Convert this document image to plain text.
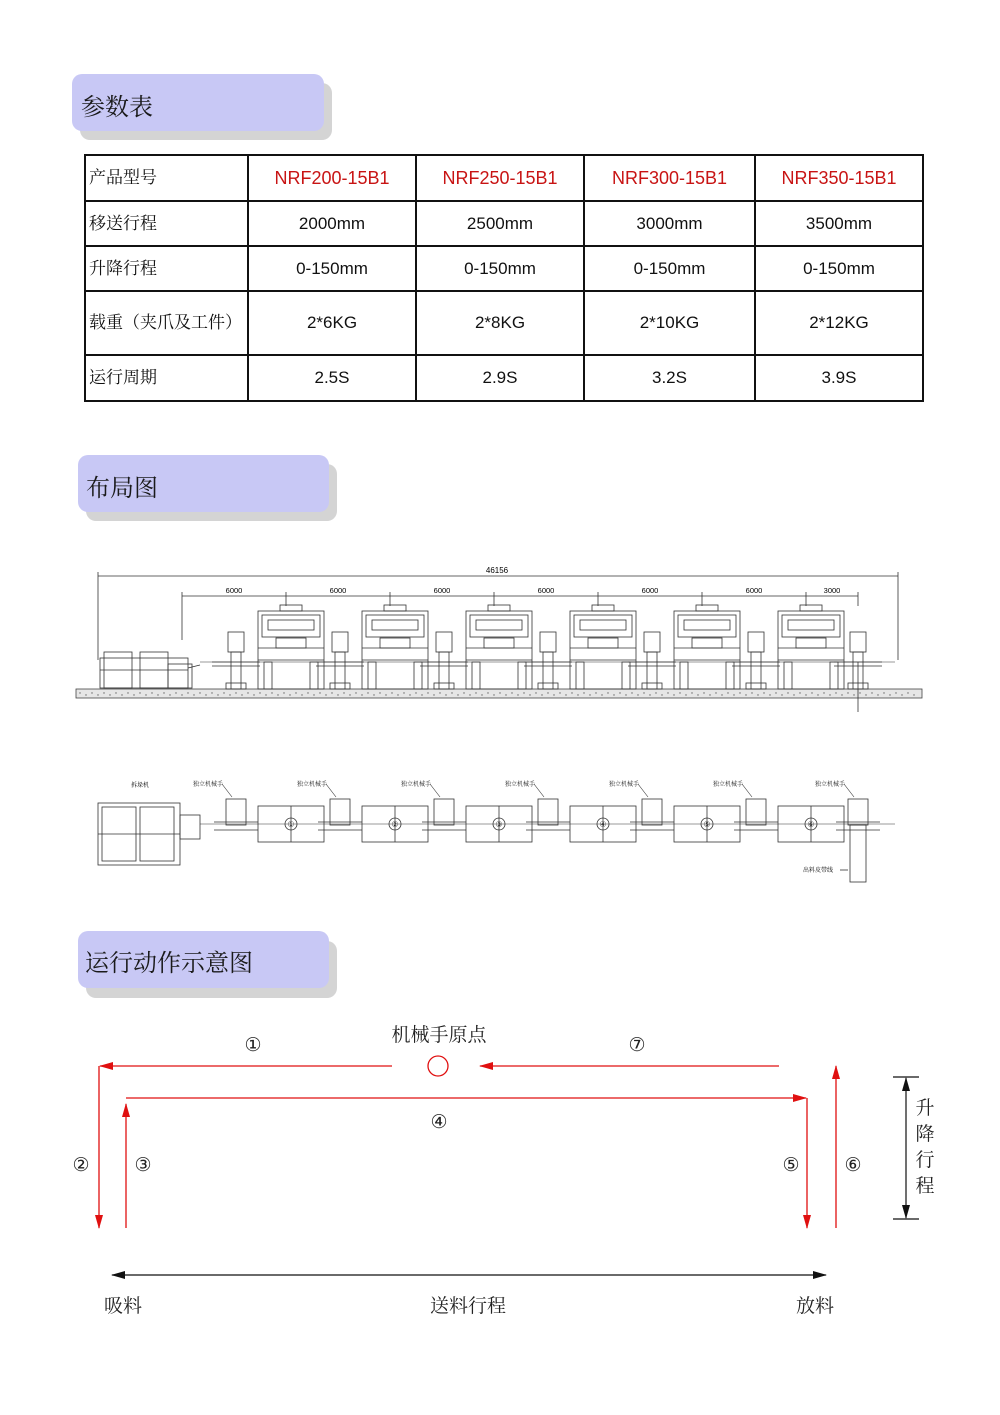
参数表
产品型号	NRF200-15B1	NRF250-15B1	NRF300-15B1	NRF350-15B1
移送行程	2000mm	2500mm	3000mm	3500mm
升降行程	0-150mm	0-150mm	0-150mm	0-150mm
载重（夹爪及工件）	2*6KG	2*8KG	2*10KG	2*12KG
运行周期	2.5S	2.9S	3.2S	3.9S
布局图
46156
6000	6000	6000	6000	6000	6000	3000
拆垛机	独立机械手	独立机械手	独立机械手	独立机械手	独立机械手	独立机械手	独立机械手
①	②	③	④	⑤	⑥
出料皮带线
运行动作示意图
机械手原点
①
② ③
④
⑤ ⑥
⑦
升
降
行
程
吸料	送料行程	放料
